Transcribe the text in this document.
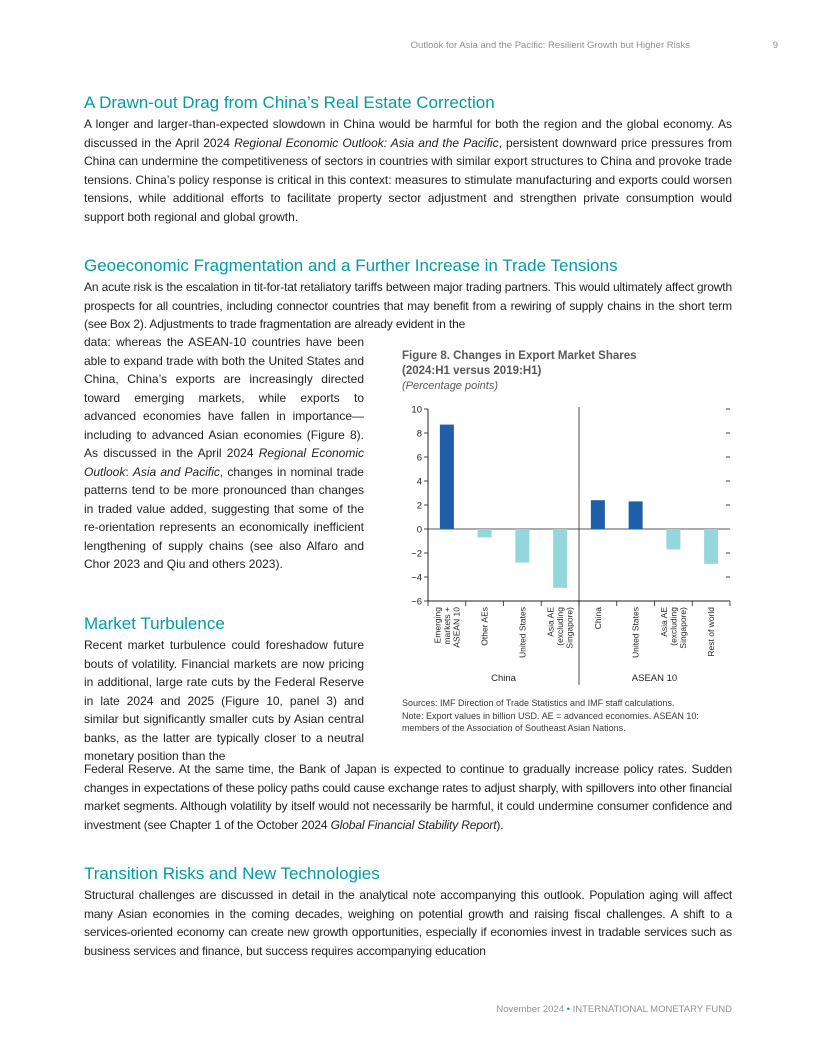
Outlook for Asia and the Pacific: Resilient Growth but Higher Risks	9
A Drawn-out Drag from China’s Real Estate Correction

A longer and larger-than-expected slowdown in China would be harmful for both the region and the global economy. As discussed in the April 2024 Regional Economic Outlook: Asia and the Pacific, persistent downward price pressures from China can undermine the competitiveness of sectors in countries with similar export structures to China and provoke trade tensions. China’s policy response is critical in this context: measures to stimulate manufacturing and exports could worsen tensions, while additional efforts to facilitate property sector adjustment and strengthen private consumption would support both regional and global growth.

Geoeconomic Fragmentation and a Further Increase in Trade Tensions

An acute risk is the escalation in tit-for-tat retaliatory tariffs between major trading partners. This would ultimately affect growth prospects for all countries, including connector countries that may benefit from a rewiring of supply chains in the short term (see Box 2). Adjustments to trade fragmentation are already evident in the

data: whereas the ASEAN-10 countries have been able to expand trade with both the United States and China, China’s exports are increasingly directed toward emerging markets, while exports to advanced economies have fallen in importance—including to advanced Asian economies (Figure 8). As discussed in the April 2024 Regional Economic Outlook: Asia and Pacific, changes in nominal trade patterns tend to be more pronounced than changes in traded value added, suggesting that some of the re-orientation represents an economically inefficient lengthening of supply chains (see also Alfaro and Chor 2023 and Qiu and others 2023).

Market Turbulence

Recent market turbulence could foreshadow future bouts of volatility. Financial markets are now pricing in additional, large rate cuts by the Federal Reserve in late 2024 and 2025 (Figure 10, panel 3) and similar but significantly smaller cuts by Asian central banks, as the latter are typically closer to a neutral monetary position than the

Federal Reserve. At the same time, the Bank of Japan is expected to continue to gradually increase policy rates. Sudden changes in expectations of these policy paths could cause exchange rates to adjust sharply, with spillovers into other financial market segments. Although volatility by itself would not necessarily be harmful, it could undermine consumer confidence and investment (see Chapter 1 of the October 2024 Global Financial Stability Report).

Transition Risks and New Technologies

Structural challenges are discussed in detail in the analytical note accompanying this outlook. Population aging will affect many Asian economies in the coming decades, weighing on potential growth and raising fiscal challenges. A shift to a services-oriented economy can create new growth opportunities, especially if economies invest in tradable services such as business services and finance, but success requires accompanying education

Figure 8. Changes in Export Market Shares
(2024:H1 versus 2019:H1)
(Percentage points)
−6
−4
−2
0
2
4
6
8
10
Emerging markets + ASEAN 10 Other AEs	United States Asia AE (excluding Singapore) China	United States Asia AE (excluding Singapore) Rest of world
China	ASEAN 10
Sources: IMF Direction of Trade Statistics and IMF staff calculations.
Note: Export values in billion USD. AE = advanced economies. ASEAN 10: members of the Association of Southeast Asian Nations.
November 2024 • INTERNATIONAL MONETARY FUND
